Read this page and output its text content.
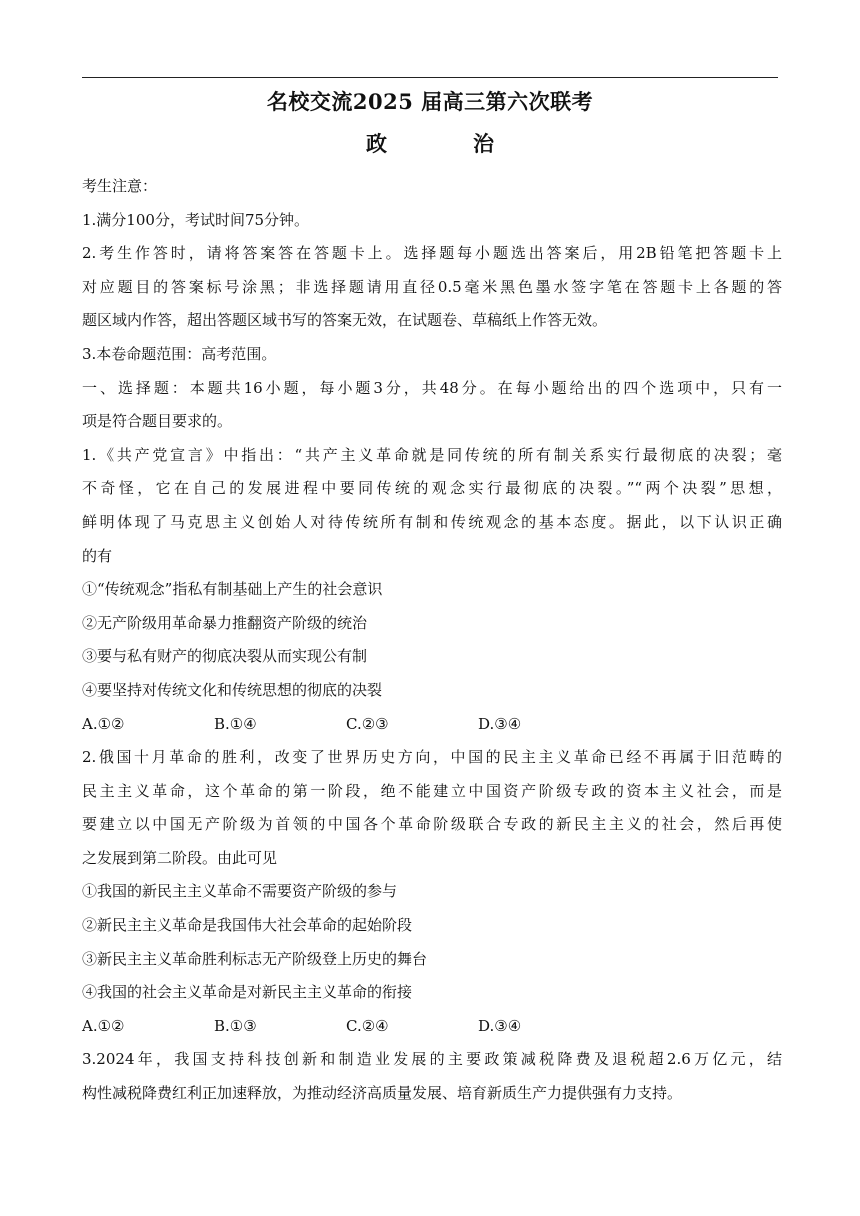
名校交流2025 届高三第六次联考
政	治
考生注意：
1.满分100分，考试时间75分钟。
2.考生作答时，请将答案答在答题卡上。选择题每小题选出答案后，用2B铅笔把答题卡上
对应题目的答案标号涂黑；非选择题请用直径0.5毫米黑色墨水签字笔在答题卡上各题的答
题区域内作答，超出答题区域书写的答案无效，在试题卷、草稿纸上作答无效。
3.本卷命题范围：高考范围。
一、选择题：本题共16小题，每小题3分，共48分。在每小题给出的四个选项中，只有一
项是符合题目要求的。
1.《共产党宣言》中指出：“共产主义革命就是同传统的所有制关系实行最彻底的决裂；毫
不奇怪，它在自己的发展进程中要同传统的观念实行最彻底的决裂。”“两个决裂”思想，
鲜明体现了马克思主义创始人对待传统所有制和传统观念的基本态度。据此，以下认识正确
的有
①“传统观念”指私有制基础上产生的社会意识
②无产阶级用革命暴力推翻资产阶级的统治
③要与私有财产的彻底决裂从而实现公有制
④要坚持对传统文化和传统思想的彻底的决裂
A.①②	B.①④	C.②③	D.③④
2.俄国十月革命的胜利，改变了世界历史方向，中国的民主主义革命已经不再属于旧范畴的
民主主义革命，这个革命的第一阶段，绝不能建立中国资产阶级专政的资本主义社会，而是
要建立以中国无产阶级为首领的中国各个革命阶级联合专政的新民主主义的社会，然后再使
之发展到第二阶段。由此可见
①我国的新民主主义革命不需要资产阶级的参与
②新民主主义革命是我国伟大社会革命的起始阶段
③新民主主义革命胜利标志无产阶级登上历史的舞台
④我国的社会主义革命是对新民主主义革命的衔接
A.①②	B.①③	C.②④	D.③④
3.2024年，我国支持科技创新和制造业发展的主要政策减税降费及退税超2.6万亿元，结
构性减税降费红利正加速释放，为推动经济高质量发展、培育新质生产力提供强有力支持。
